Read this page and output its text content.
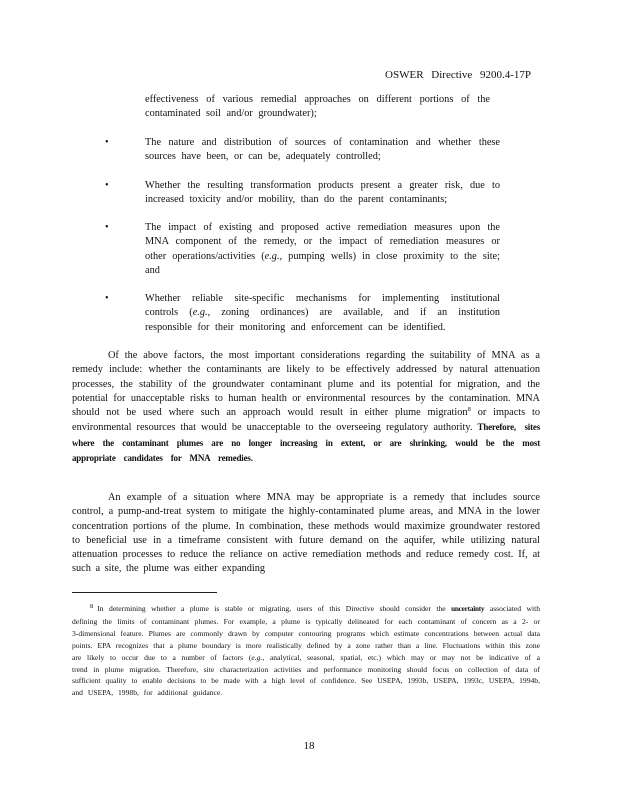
OSWER Directive 9200.4-17P
effectiveness of various remedial approaches on different portions of the contaminated soil and/or groundwater);
•	The nature and distribution of sources of contamination and whether these sources have been, or can be, adequately controlled;
•	Whether the resulting transformation products present a greater risk, due to increased toxicity and/or mobility, than do the parent contaminants;
•	The impact of existing and proposed active remediation measures upon the MNA component of the remedy, or the impact of remediation measures or other operations/activities (e.g., pumping wells) in close proximity to the site; and
•	Whether reliable site-specific mechanisms for implementing institutional controls (e.g., zoning ordinances) are available, and if an institution responsible for their monitoring and enforcement can be identified.
Of the above factors, the most important considerations regarding the suitability of MNA as a remedy include: whether the contaminants are likely to be effectively addressed by natural attenuation processes, the stability of the groundwater contaminant plume and its potential for migration, and the potential for unacceptable risks to human health or environmental resources by the contamination. MNA should not be used where such an approach would result in either plume migration$^8$ or impacts to environmental resources that would be unacceptable to the overseeing regulatory authority. Therefore, sites where the contaminant plumes are no longer increasing in extent, or are shrinking, would be the most appropriate candidates for MNA remedies.
An example of a situation where MNA may be appropriate is a remedy that includes source control, a pump-and-treat system to mitigate the highly-contaminated plume areas, and MNA in the lower concentration portions of the plume. In combination, these methods would maximize groundwater restored to beneficial use in a timeframe consistent with future demand on the aquifer, while utilizing natural attenuation processes to reduce the reliance on active remediation methods and reduce remedy cost. If, at such a site, the plume was either expanding
8 In determining whether a plume is stable or migrating, users of this Directive should consider the uncertainty associated with defining the limits of contaminant plumes. For example, a plume is typically delineated for each contaminant of concern as a 2- or 3-dimensional feature. Plumes are commonly drawn by computer contouring programs which estimate concentrations between actual data points. EPA recognizes that a plume boundary is more realistically defined by a zone rather than a line. Fluctuations within this zone are likely to occur due to a number of factors (e.g., analytical, seasonal, spatial, etc.) which may or may not be indicative of a trend in plume migration. Therefore, site characterization activities and performance monitoring should focus on collection of data of sufficient quality to enable decisions to be made with a high level of confidence. See USEPA, 1993b, USEPA, 1993c, USEPA, 1994b, and USEPA, 1998b, for additional guidance.
18
